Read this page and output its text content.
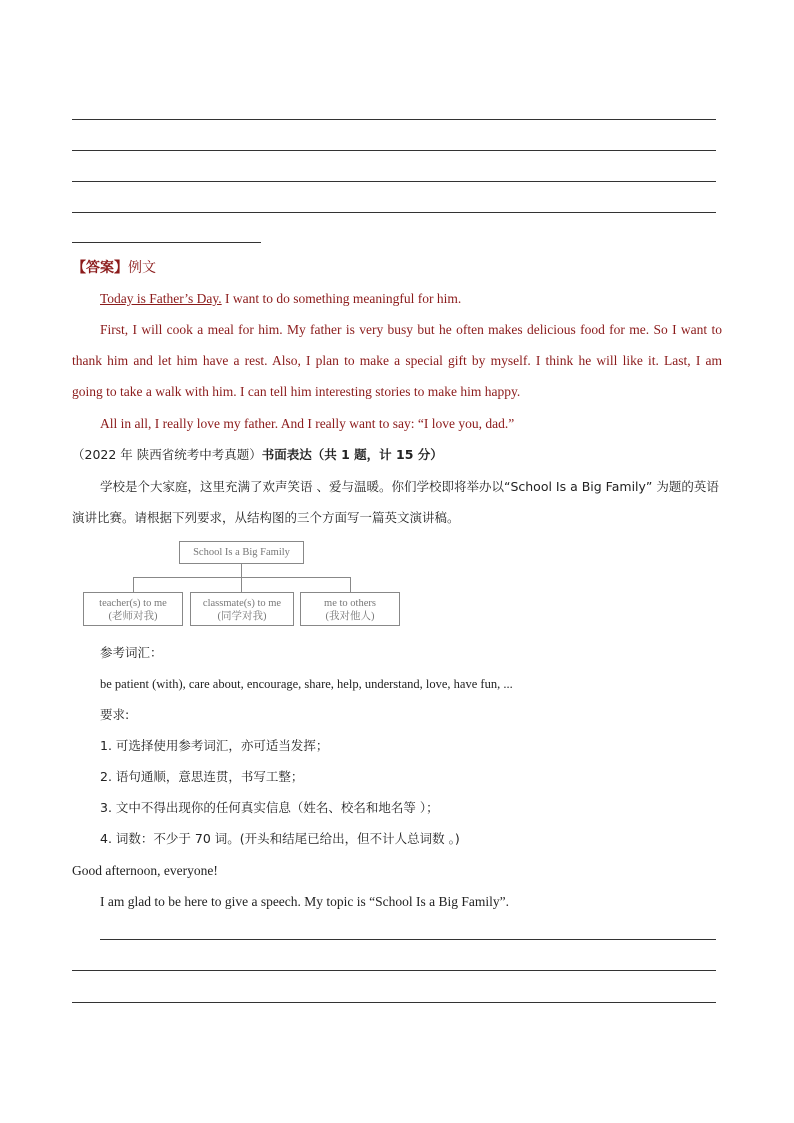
【答案】例文
Today is Father’s Day. I want to do something meaningful for him.
First, I will cook a meal for him. My father is very busy but he often makes delicious food for me. So I want to
thank him and let him have a rest. Also, I plan to make a special gift by myself. I think he will like it. Last, I am
going to take a walk with him. I can tell him interesting stories to make him happy.
All in all, I really love my father. And I really want to say: “I love you, dad.”
（2022 年 陕西省统考中考真题）书面表达（共 1 题，计 15 分）
学校是个大家庭，这里充满了欢声笑语 、爱与温暖。你们学校即将举办以“School Is a Big Family” 为题的英语
演讲比赛。请根据下列要求，从结构图的三个方面写一篇英文演讲稿。
School Is a Big Family
teacher(s) to me
(老师对我)
classmate(s) to me
(同学对我)
me to others
(我对他人)
参考词汇：
be patient (with), care about, encourage, share, help, understand, love, have fun, ...
要求:
1. 可选择使用参考词汇，亦可适当发挥；
2. 语句通顺，意思连贯，书写工整；
3. 文中不得出现你的任何真实信息（姓名、校名和地名等 ）；
4. 词数：不少于 70 词。(开头和结尾已给出，但不计人总词数 。)
Good afternoon, everyone!
I am glad to be here to give a speech. My topic is “School Is a Big Family”.
